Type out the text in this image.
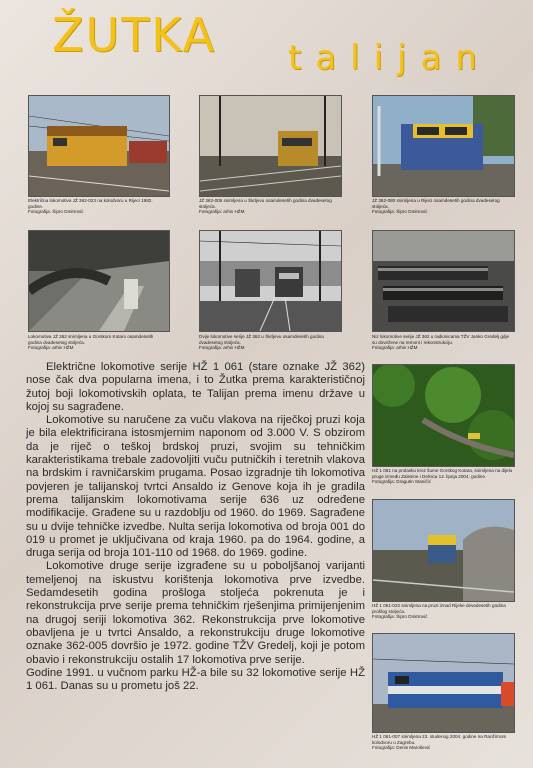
ŽUTKA talijan
Električna lokomotiva JŽ 362-023 na kolodvoru u Rijeci 1982. godine.
Fotografija: Šipro Dmitrović
JŽ 362-005 snimljena u Škrljevu osamdesetih godina dvadesetog stoljeća.
Fotografija: arhiv HŽM
JŽ 362-080 snimljena u Rijeci osamdesetih godina dvadesetog stoljeća.
Fotografija: Šipro Dmitrović
Lokomotiva JŽ 362 snimljena u Gorskom Kotaru osamdesetih godina dvadesetog stoljeća.
Fotografija: arhiv HŽM
Dvije lokomotive serije JŽ 362 u Škrljevu osamdesetih godina dvadesetog stoljeća.
Fotografija: arhiv HŽM
Niz lokomotive serije JŽ 362 u radionicama TŽV Janko Gredelj gdje su dovežene na remont i rekonstrukciju.
Fotografija: arhiv HŽM
HŽ 1 061 na prolasku kroz šume Gorskog Kotara, snimljena na dijelu pruge između Zalesine i Delnica 12. lipnja 2004. godine.
Fotografija: Dragutin Staničić
HŽ 1 061-022 snimljena na pruzi iznad Rijeke devedesetih godina prošlog stoljeća.
Fotografija: Šipro Dmitrović
HŽ 1 061-007 snimljena 23. studenog 2004. godine na Ranžirnom kolodvoru u Zagrebu.
Fotografija: Denis Marošević

Električne lokomotive serije HŽ 1 061 (stare oznake JŽ 362) nose čak dva popularna imena, i to Žutka prema karakterističnoj žutoj boji lokomotivskih oplata, te Talijan prema imenu države u kojoj su sagrađene.

Lokomotive su naručene za vuču vlakova na riječkoj pruzi koja je bila elektrificirana istosmjernim naponom od 3.000 V. S obzirom da je riječ o teškoj brdskoj pruzi, svojim su tehničkim karakteristikama trebale zadovoljiti vuču putničkih i teretnih vlakova na brdskim i ravničarskim prugama. Posao izgradnje tih lokomotiva povjeren je talijanskoj tvrtci Ansaldo iz Genove koja ih je gradila prema talijanskim lokomotivama serije 636 uz određene modifikacije. Građene su u razdoblju od 1960. do 1969. Sagrađene su u dvije tehničke izvedbe. Nulta serija lokomotiva od broja 001 do 019 u promet je uključivana od kraja 1960. pa do 1964. godine, a druga serija od broja 101-110 od 1968. do 1969. godine.

Lokomotive druge serije izgrađene su u poboljšanoj varijanti temeljenoj na iskustvu korištenja lokomotiva prve izvedbe. Sedamdesetih godina prošloga stoljeća pokrenuta je i rekonstrukcija prve serije prema tehničkim rješenjima primijenjenim na drugoj seriji lokomotiva 362. Rekonstrukcija prve lokomotive obavljena je u tvrtci Ansaldo, a rekonstrukciju druge lokomotive oznake 362-005 dovršio je 1972. godine TŽV Gredelj, koji je potom obavio i rekonstrukciju ostalih 17 lokomotiva prve serije.

Godine 1991. u vučnom parku HŽ-a bile su 32 lokomotive serije HŽ 1 061. Danas su u prometu još 22.
